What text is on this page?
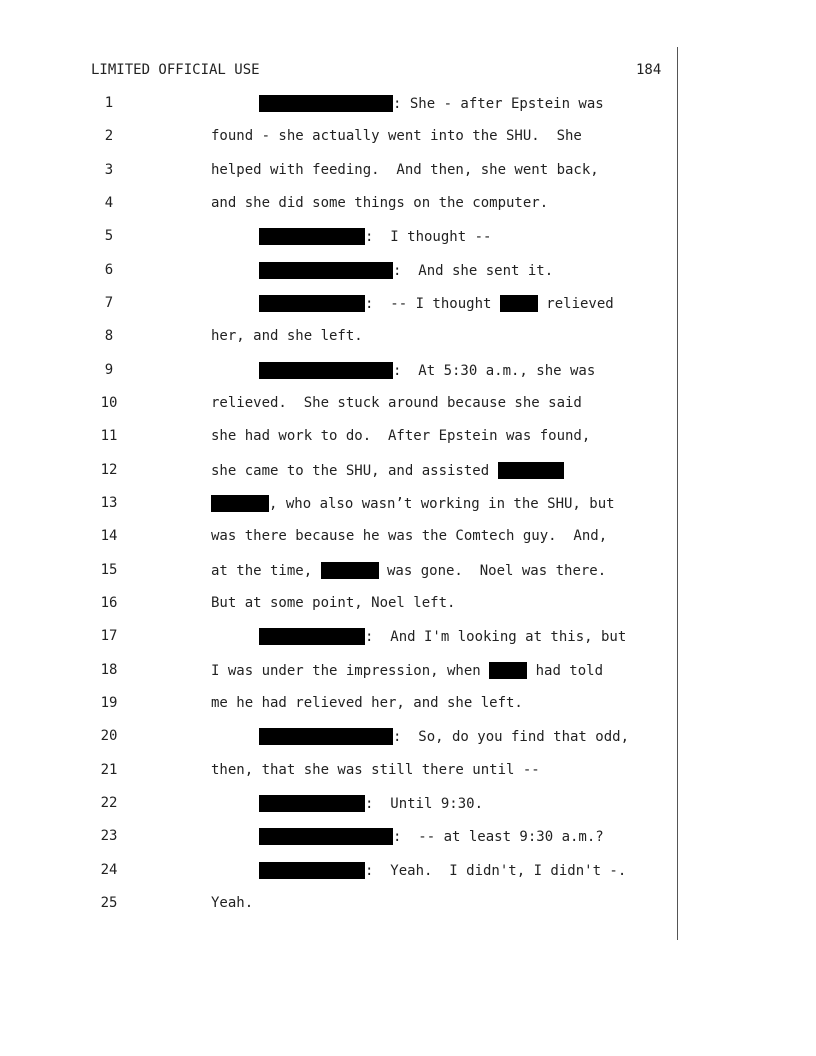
LIMITED OFFICIAL USE	184
1
2
3
4
5
6
7
8
9
10
11
12
13
14
15
16
17
18
19
20
21
22
23
24
25
: She - after Epstein was
found - she actually went into the SHU.  She
helped with feeding.  And then, she went back,
and she did some things on the computer.
:  I thought --
:  And she sent it.
:  -- I thought	relieved
her, and she left.
:  At 5:30 a.m., she was
relieved.  She stuck around because she said
she had work to do.  After Epstein was found,
she came to the SHU, and assisted
, who also wasn’t working in the SHU, but
was there because he was the Comtech guy.  And,
at the time,	was gone.  Noel was there.
But at some point, Noel left.
:  And I'm looking at this, but
I was under the impression, when	had told
me he had relieved her, and she left.
:  So, do you find that odd,
then, that she was still there until --
:  Until 9:30.
:  -- at least 9:30 a.m.?
:  Yeah.  I didn't, I didn't -.
Yeah.
